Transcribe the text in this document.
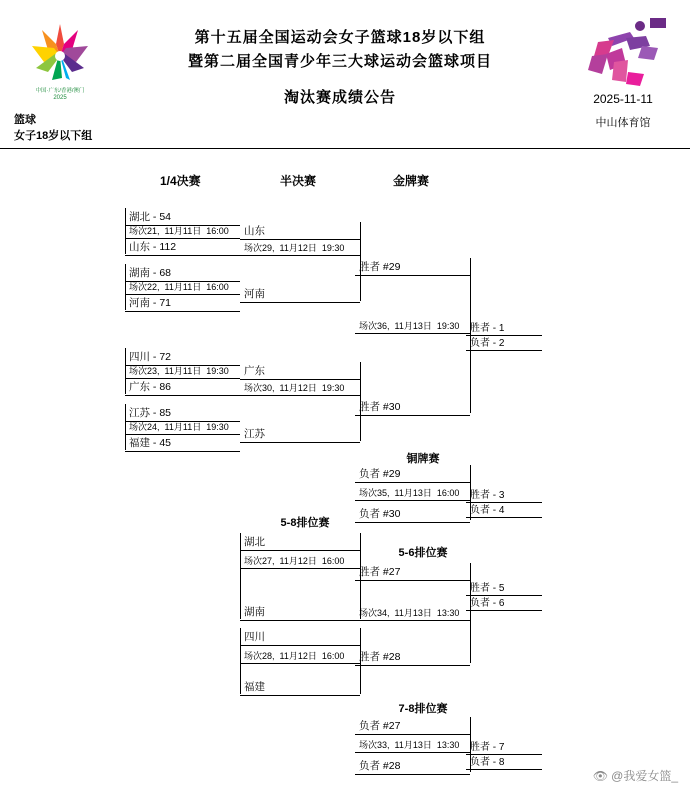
中国·广东/香港/澳门
2025
第十五届全国运动会女子篮球18岁以下组
暨第二届全国青少年三大球运动会篮球项目
淘汰赛成绩公告	2025-11-11
中山体育馆
篮球
女子18岁以下组
1/4决赛	半决赛	金牌赛
湖北 - 54
场次21, 11月11日 16:00
山东 - 112
湖南 - 68
场次22, 11月11日 16:00
河南 - 71
四川 - 72
场次23, 11月11日 19:30
广东 - 86
江苏 - 85
场次24, 11月11日 19:30
福建 - 45
山东
场次29, 11月12日 19:30
河南
广东
场次30, 11月12日 19:30
江苏
胜者 #29
场次36, 11月13日 19:30
胜者 #30
胜者 - 1
负者 - 2
铜牌赛
负者 #29
场次35, 11月13日 16:00
负者 #30
胜者 - 3
负者 - 4
5-8排位赛
湖北
场次27, 11月12日 16:00
湖南
四川
场次28, 11月12日 16:00
福建
5-6排位赛
胜者 #27
场次34, 11月13日 13:30
胜者 #28
胜者 - 5
负者 - 6
7-8排位赛
负者 #27
场次33, 11月13日 13:30
负者 #28
胜者 - 7
负者 - 8
👁 @我爱女篮_
